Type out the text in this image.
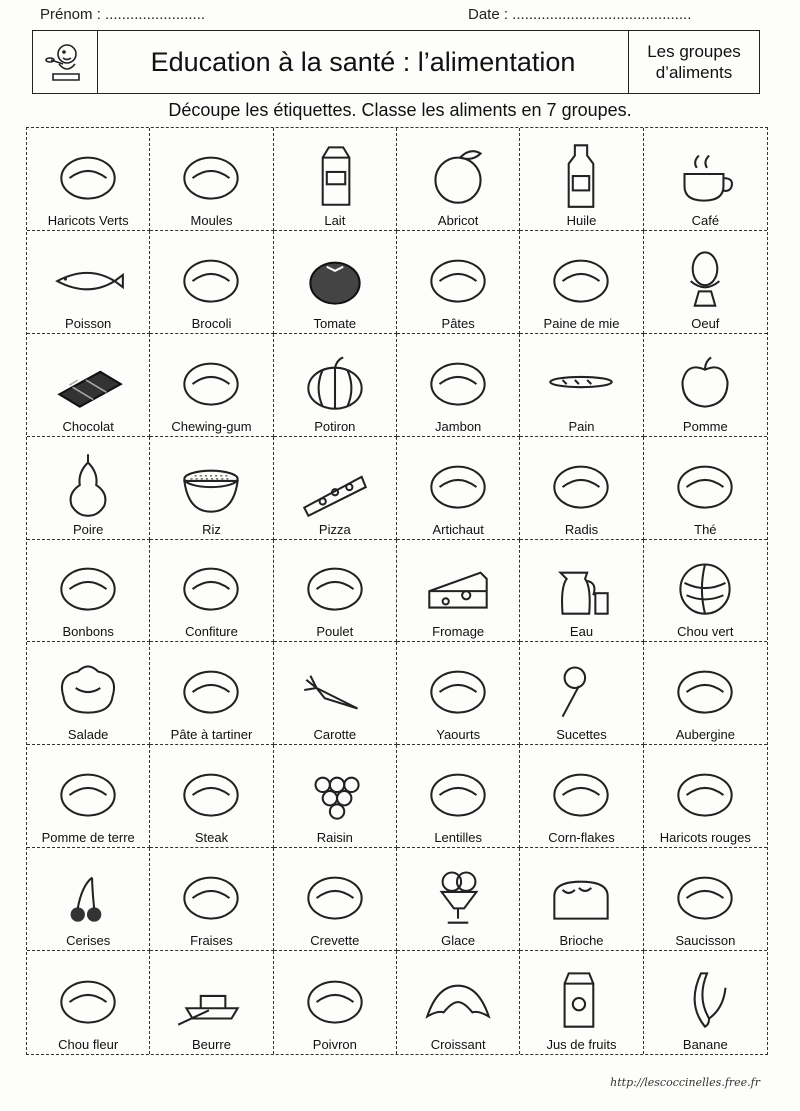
Prénom : ........................	Date : ...........................................
Education à la santé : l’alimentation	Les groupes
d’aliments
Découpe les étiquettes. Classe les aliments en 7 groupes.
Haricots Verts	Moules	Lait	Abricot	Huile	Café
Poisson	Brocoli	Tomate	Pâtes	Paine de mie	Oeuf
Chocolat	Chewing-gum	Potiron	Jambon	Pain	Pomme
Poire	Riz	Pizza	Artichaut	Radis	Thé
Bonbons	Confiture	Poulet	Fromage	Eau	Chou vert
Salade	Pâte à tartiner	Carotte	Yaourts	Sucettes	Aubergine
Pomme de terre	Steak	Raisin	Lentilles	Corn-flakes	Haricots rouges
Cerises	Fraises	Crevette	Glace	Brioche	Saucisson
Chou fleur	Beurre	Poivron	Croissant	Jus de fruits	Banane
http://lescoccinelles.free.fr
